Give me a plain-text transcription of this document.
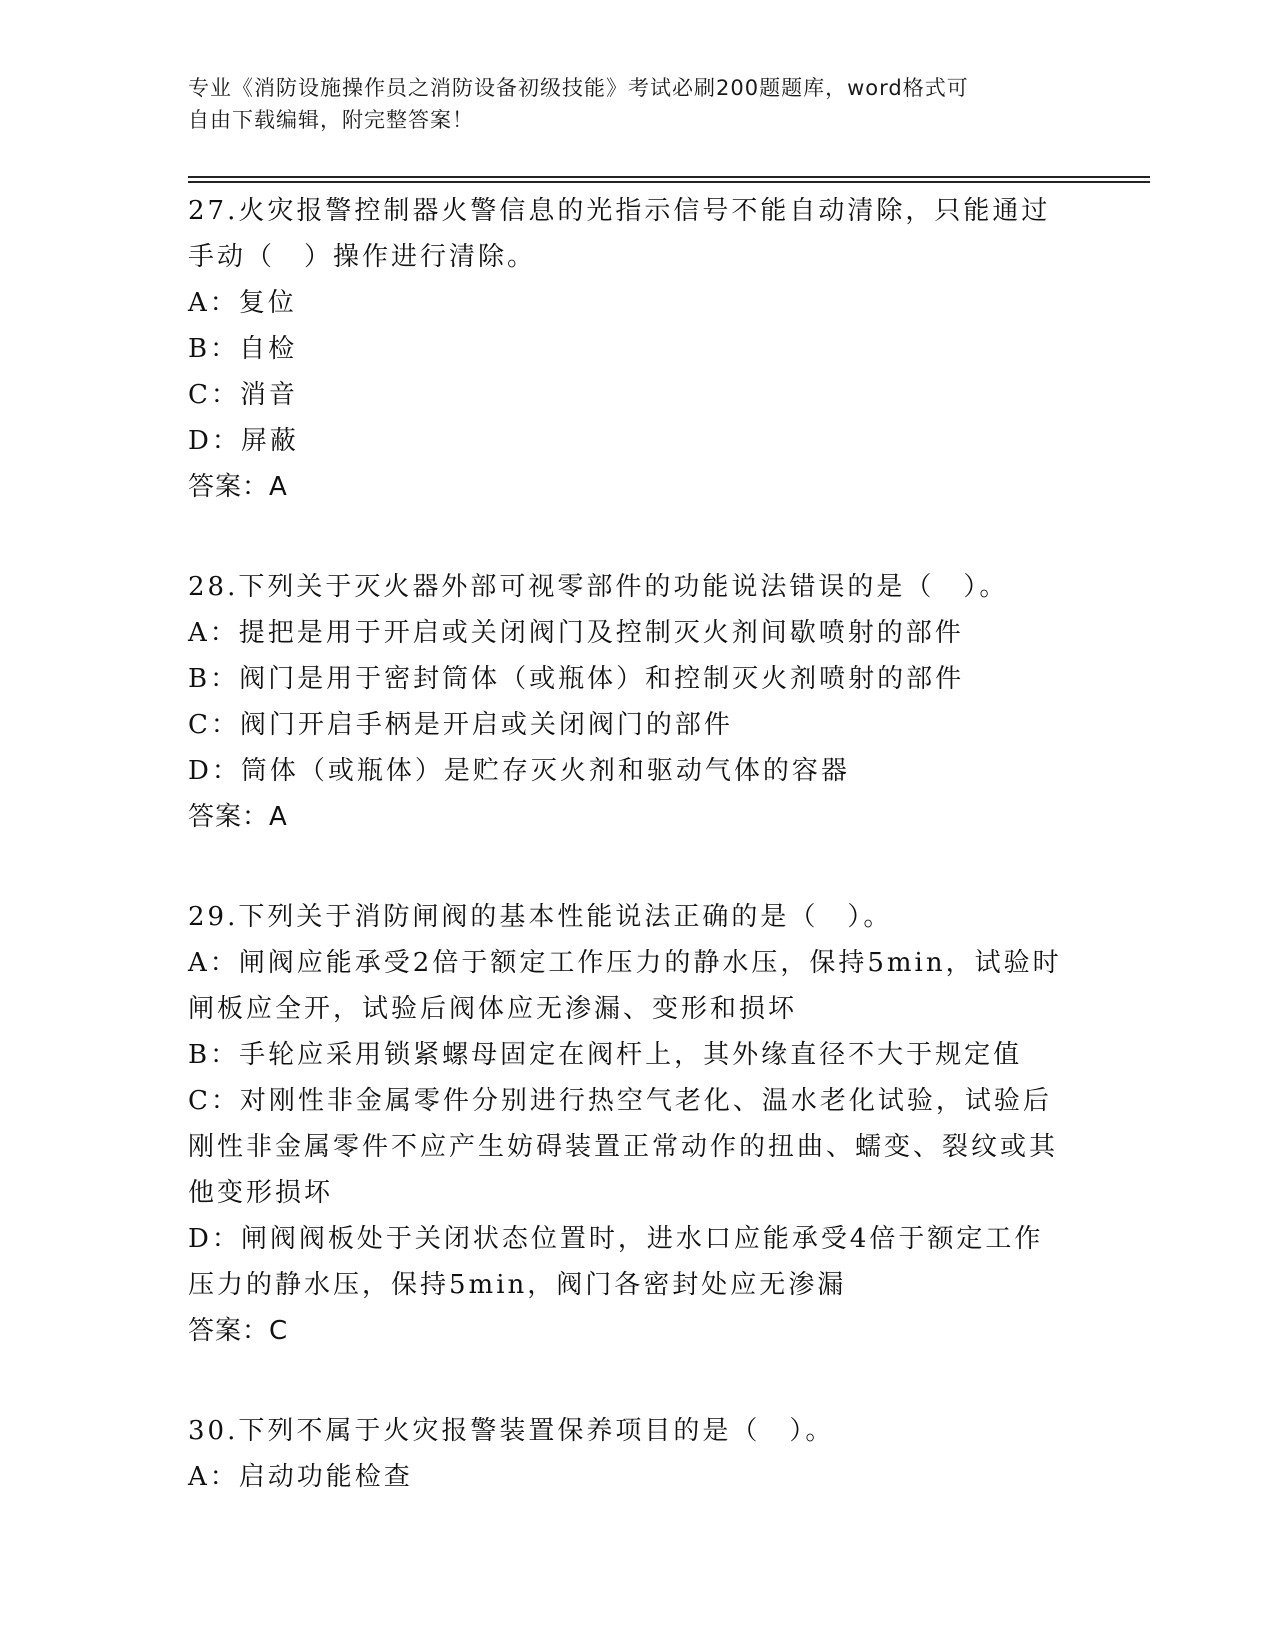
专业《消防设施操作员之消防设备初级技能》考试必刷200题题库，word格式可
自由下载编辑，附完整答案！

27.火灾报警控制器火警信息的光指示信号不能自动清除，只能通过手动（　）操作进行清除。

A：复位

B：自检

C：消音

D：屏蔽

答案：A

28.下列关于灭火器外部可视零部件的功能说法错误的是（　）。

A：提把是用于开启或关闭阀门及控制灭火剂间歇喷射的部件

B：阀门是用于密封筒体（或瓶体）和控制灭火剂喷射的部件

C：阀门开启手柄是开启或关闭阀门的部件

D：筒体（或瓶体）是贮存灭火剂和驱动气体的容器

答案：A

29.下列关于消防闸阀的基本性能说法正确的是（　）。

A：闸阀应能承受2倍于额定工作压力的静水压，保持5min，试验时闸板应全开，试验后阀体应无渗漏、变形和损坏

B：手轮应采用锁紧螺母固定在阀杆上，其外缘直径不大于规定值

C：对刚性非金属零件分别进行热空气老化、温水老化试验，试验后刚性非金属零件不应产生妨碍装置正常动作的扭曲、蠕变、裂纹或其他变形损坏

D：闸阀阀板处于关闭状态位置时，进水口应能承受4倍于额定工作压力的静水压，保持5min，阀门各密封处应无渗漏

答案：C

30.下列不属于火灾报警装置保养项目的是（　）。

A：启动功能检查
